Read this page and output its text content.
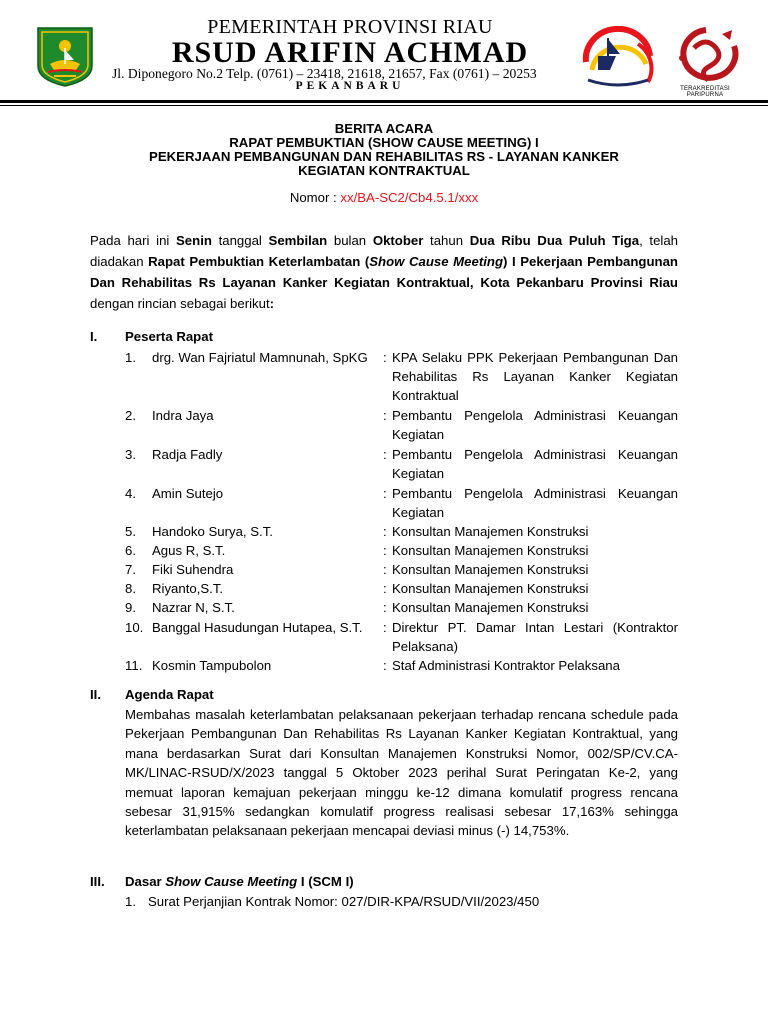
PEMERINTAH PROVINSI RIAU
RSUD ARIFIN ACHMAD
Jl. Diponegoro No.2 Telp. (0761) – 23418, 21618, 21657, Fax (0761) – 20253
PEKANBARU	TERAKREDITASI PARIPURNA
BERITA ACARA
RAPAT PEMBUKTIAN (SHOW CAUSE MEETING) I
PEKERJAAN PEMBANGUNAN DAN REHABILITAS RS - LAYANAN KANKER
KEGIATAN KONTRAKTUAL
Nomor : xx/BA-SC2/Cb4.5.1/xxx
Pada hari ini Senin tanggal Sembilan bulan Oktober tahun Dua Ribu Dua Puluh Tiga, telah diadakan Rapat Pembuktian Keterlambatan (Show Cause Meeting) I Pekerjaan Pembangunan Dan Rehabilitas Rs Layanan Kanker Kegiatan Kontraktual, Kota Pekanbaru Provinsi Riau dengan rincian sebagai berikut:
I. Peserta Rapat
1.	drg. Wan Fajriatul Mamnunah, SpKG	: KPA Selaku PPK Pekerjaan Pembangunan Dan Rehabilitas Rs Layanan Kanker Kegiatan Kontraktual
2.	Indra Jaya	: Pembantu Pengelola Administrasi Keuangan Kegiatan
3.	Radja Fadly	: Pembantu Pengelola Administrasi Keuangan Kegiatan
4.	Amin Sutejo	: Pembantu Pengelola Administrasi Keuangan Kegiatan
5.	Handoko Surya, S.T.	: Konsultan Manajemen Konstruksi
6.	Agus R, S.T.	: Konsultan Manajemen Konstruksi
7.	Fiki Suhendra	: Konsultan Manajemen Konstruksi
8.	Riyanto,S.T.	: Konsultan Manajemen Konstruksi
9.	Nazrar N, S.T.	: Konsultan Manajemen Konstruksi
10. Banggal Hasudungan Hutapea, S.T.	: Direktur PT. Damar Intan Lestari (Kontraktor Pelaksana)
11. Kosmin Tampubolon	: Staf Administrasi Kontraktor Pelaksana
II. Agenda Rapat
Membahas masalah keterlambatan pelaksanaan pekerjaan terhadap rencana schedule pada Pekerjaan Pembangunan Dan Rehabilitas Rs Layanan Kanker Kegiatan Kontraktual, yang mana berdasarkan Surat dari Konsultan Manajemen Konstruksi Nomor, 002/SP/CV.CA-MK/LINAC-RSUD/X/2023 tanggal 5 Oktober 2023 perihal Surat Peringatan Ke-2, yang memuat laporan kemajuan pekerjaan minggu ke-12 dimana komulatif progress rencana sebesar 31,915% sedangkan komulatif progress realisasi sebesar 17,163% sehingga keterlambatan pelaksanaan pekerjaan mencapai deviasi minus (-) 14,753%.
III. Dasar Show Cause Meeting I (SCM I)
1. Surat Perjanjian Kontrak Nomor: 027/DIR-KPA/RSUD/VII/2023/450
